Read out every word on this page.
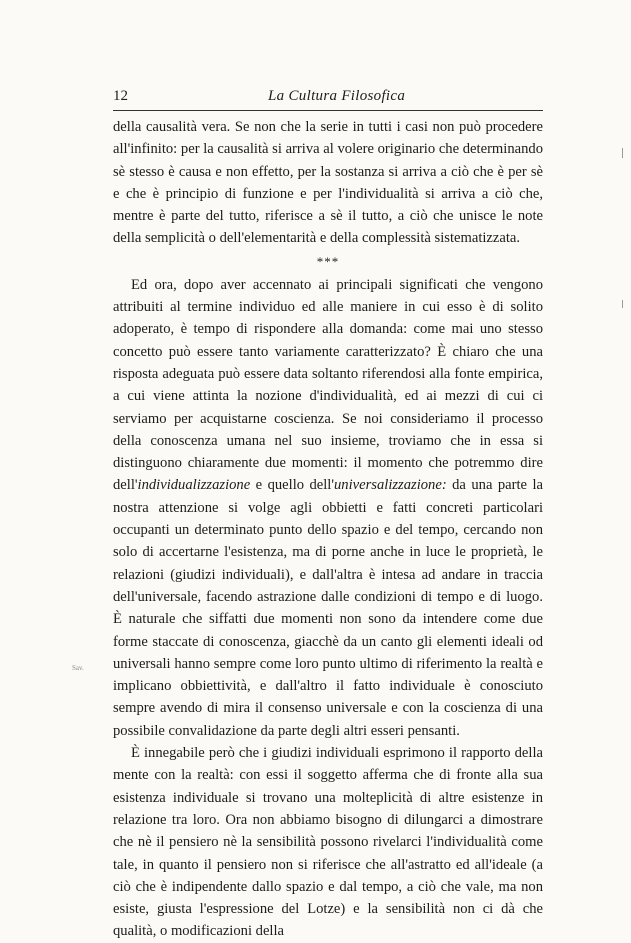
12	La Cultura Filosofica

della causalità vera. Se non che la serie in tutti i casi non può procedere all'infinito: per la causalità si arriva al volere originario che determinando sè stesso è causa e non effetto, per la sostanza si arriva a ciò che è per sè e che è principio di funzione e per l'individualità si arriva a ciò che, mentre è parte del tutto, riferisce a sè il tutto, a ciò che unisce le note della semplicità o dell'elementarità e della complessità sistematizzata.

***

Ed ora, dopo aver accennato ai principali significati che vengono attribuiti al termine individuo ed alle maniere in cui esso è di solito adoperato, è tempo di rispondere alla domanda: come mai uno stesso concetto può essere tanto variamente caratterizzato? È chiaro che una risposta adeguata può essere data soltanto riferendosi alla fonte empirica, a cui viene attinta la nozione d'individualità, ed ai mezzi di cui ci serviamo per acquistarne coscienza. Se noi consideriamo il processo della conoscenza umana nel suo insieme, troviamo che in essa si distinguono chiaramente due momenti: il momento che potremmo dire dell'individualizzazione e quello dell'universalizzazione: da una parte la nostra attenzione si volge agli obbietti e fatti concreti particolari occupanti un determinato punto dello spazio e del tempo, cercando non solo di accertarne l'esistenza, ma di porne anche in luce le proprietà, le relazioni (giudizi individuali), e dall'altra è intesa ad andare in traccia dell'universale, facendo astrazione dalle condizioni di tempo e di luogo. È naturale che siffatti due momenti non sono da intendere come due forme staccate di conoscenza, giacchè da un canto gli elementi ideali od universali hanno sempre come loro punto ultimo di riferimento la realtà e implicano obbiettività, e dall'altro il fatto individuale è conosciuto sempre avendo di mira il consenso universale e con la coscienza di una possibile convalidazione da parte degli altri esseri pensanti.

È innegabile però che i giudizi individuali esprimono il rapporto della mente con la realtà: con essi il soggetto afferma che di fronte alla sua esistenza individuale si trovano una molteplicità di altre esistenze in relazione tra loro. Ora non abbiamo bisogno di dilungarci a dimostrare che nè il pensiero nè la sensibilità possono rivelarci l'individualità come tale, in quanto il pensiero non si riferisce che all'astratto ed all'ideale (a ciò che è indipendente dallo spazio e dal tempo, a ciò che vale, ma non esiste, giusta l'espressione del Lotze) e la sensibilità non ci dà che qualità, o modificazioni della

Sav.
